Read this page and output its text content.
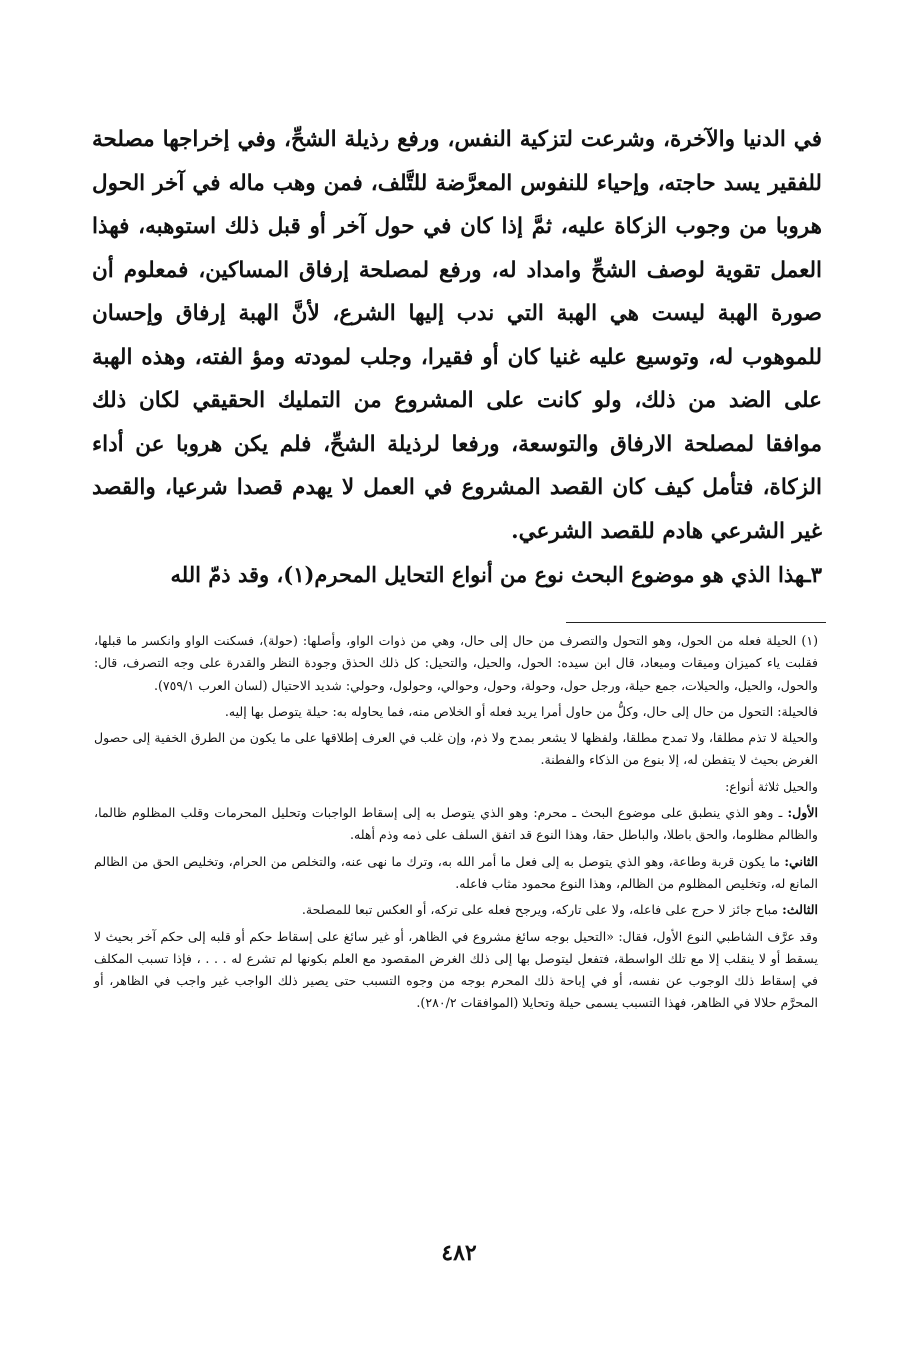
في الدنيا والآخرة، وشرعت لتزكية النفس، ورفع رذيلة الشحِّ، وفي إخراجها مصلحة للفقير يسد حاجته، وإحياء للنفوس المعرَّضة للتَّلف، فمن وهب ماله في آخر الحول هروبا من وجوب الزكاة عليه، ثمَّ إذا كان في حول آخر أو قبل ذلك استوهبه، فهذا العمل تقوية لوصف الشحِّ وامداد له، ورفع لمصلحة إرفاق المساكين، فمعلوم أن صورة الهبة ليست هي الهبة التي ندب إليها الشرع، لأنَّ الهبة إرفاق وإحسان للموهوب له، وتوسيع عليه غنيا كان أو فقيرا، وجلب لمودته ومؤ الفته، وهذه الهبة على الضد من ذلك، ولو كانت على المشروع من التمليك الحقيقي لكان ذلك موافقا لمصلحة الارفاق والتوسعة، ورفعا لرذيلة الشحِّ، فلم يكن هروبا عن أداء الزكاة، فتأمل كيف كان القصد المشروع في العمل لا يهدم قصدا شرعيا، والقصد غير الشرعي هادم للقصد الشرعي.

٣ـهذا الذي هو موضوع البحث نوع من أنواع التحايل المحرم(١)، وقد ذمّ الله

(١) الحيلة فعله من الحول، وهو التحول والتصرف من حال إلى حال، وهي من ذوات الواو، وأصلها: (حولة)، فسكنت الواو وانكسر ما قبلها، فقلبت ياء كميزان وميقات وميعاد، قال ابن سيده: الحول، والحيل، والتحيل: كل ذلك الحذق وجودة النظر والقدرة على وجه التصرف، قال: والحول، والحيل، والحيلات، جمع حيلة، ورجل حول، وحولة، وحول، وحوالي، وحولول، وحولي: شديد الاحتيال (لسان العرب ٧٥٩/١).

فالحيلة: التحول من حال إلى حال، وكلُّ من حاول أمرا يريد فعله أو الخلاص منه، فما يحاوله به: حيلة يتوصل بها إليه.

والحيلة لا تذم مطلقا، ولا تمدح مطلقا، ولفظها لا يشعر بمدح ولا ذم، وإن غلب في العرف إطلاقها على ما يكون من الطرق الخفية إلى حصول الغرض بحيث لا يتفطن له، إلا بنوع من الذكاء والفطنة.

والحيل ثلاثة أنواع:

الأول: ـ وهو الذي ينطبق على موضوع البحث ـ محرم: وهو الذي يتوصل به إلى إسقاط الواجبات وتحليل المحرمات وقلب المظلوم ظالما، والظالم مظلوما، والحق باطلا، والباطل حقا، وهذا النوع قد اتفق السلف على ذمه وذم أهله.

الثاني: ما يكون قربة وطاعة، وهو الذي يتوصل به إلى فعل ما أمر الله به، وترك ما نهى عنه، والتخلص من الحرام، وتخليص الحق من الظالم المانع له، وتخليص المظلوم من الظالم، وهذا النوع محمود مثاب فاعله.

الثالث: مباح جائز لا حرج على فاعله، ولا على تاركه، ويرجح فعله على تركه، أو العكس تبعا للمصلحة.

وقد عرَّف الشاطبي النوع الأول، فقال: «التحيل بوجه سائغ مشروع في الظاهر، أو غير سائغ على إسقاط حكم أو قلبه إلى حكم آخر بحيث لا يسقط أو لا ينقلب إلا مع تلك الواسطة، فتفعل ليتوصل بها إلى ذلك الغرض المقصود مع العلم بكونها لم تشرع له . . . ، فإذا تسبب المكلف في إسقاط ذلك الوجوب عن نفسه، أو في إباحة ذلك المحرم بوجه من وجوه التسبب حتى يصير ذلك الواجب غير واجب في الظاهر، أو المحرَّم حلالا في الظاهر، فهذا التسبب يسمى حيلة وتحايلا (الموافقات ٢٨٠/٢).

٤٨٢
